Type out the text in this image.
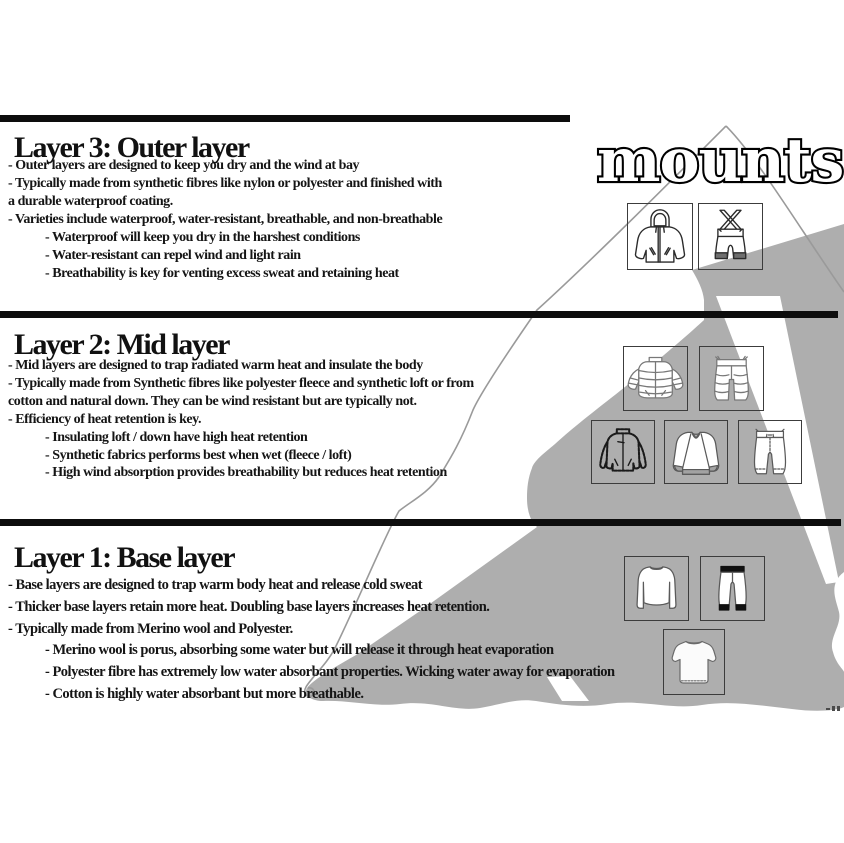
mounts
Layer 3: Outer layer
Layer 2: Mid layer
Layer 1: Base layer
- Outer layers are designed to keep you dry and the wind at bay
- Typically made from synthetic fibres like nylon or polyester and finished with
a durable waterproof coating.
- Varieties include waterproof, water-resistant, breathable, and non-breathable
- Waterproof will keep you dry in the harshest conditions
- Water-resistant can repel wind and light rain
- Breathability is key for venting excess sweat and retaining heat
- Mid layers are designed to trap radiated warm heat and insulate the body
- Typically made from Synthetic fibres like polyester fleece and synthetic loft or from
cotton and natural down. They can be wind resistant but are typically not.
- Efficiency of heat retention is key.
- Insulating loft / down have high heat retention
- Synthetic fabrics performs best when wet (fleece / loft)
- High wind absorption provides breathability but reduces heat retention
- Base layers are designed to trap warm body heat and release cold sweat
- Thicker base layers retain more heat. Doubling base layers increases heat retention.
- Typically made from Merino wool and Polyester.
- Merino wool is porus, absorbing some water but will release it through heat evaporation
- Polyester fibre has extremely low water absorbant properties. Wicking water away for evaporation
- Cotton is highly water absorbant but more breathable.
